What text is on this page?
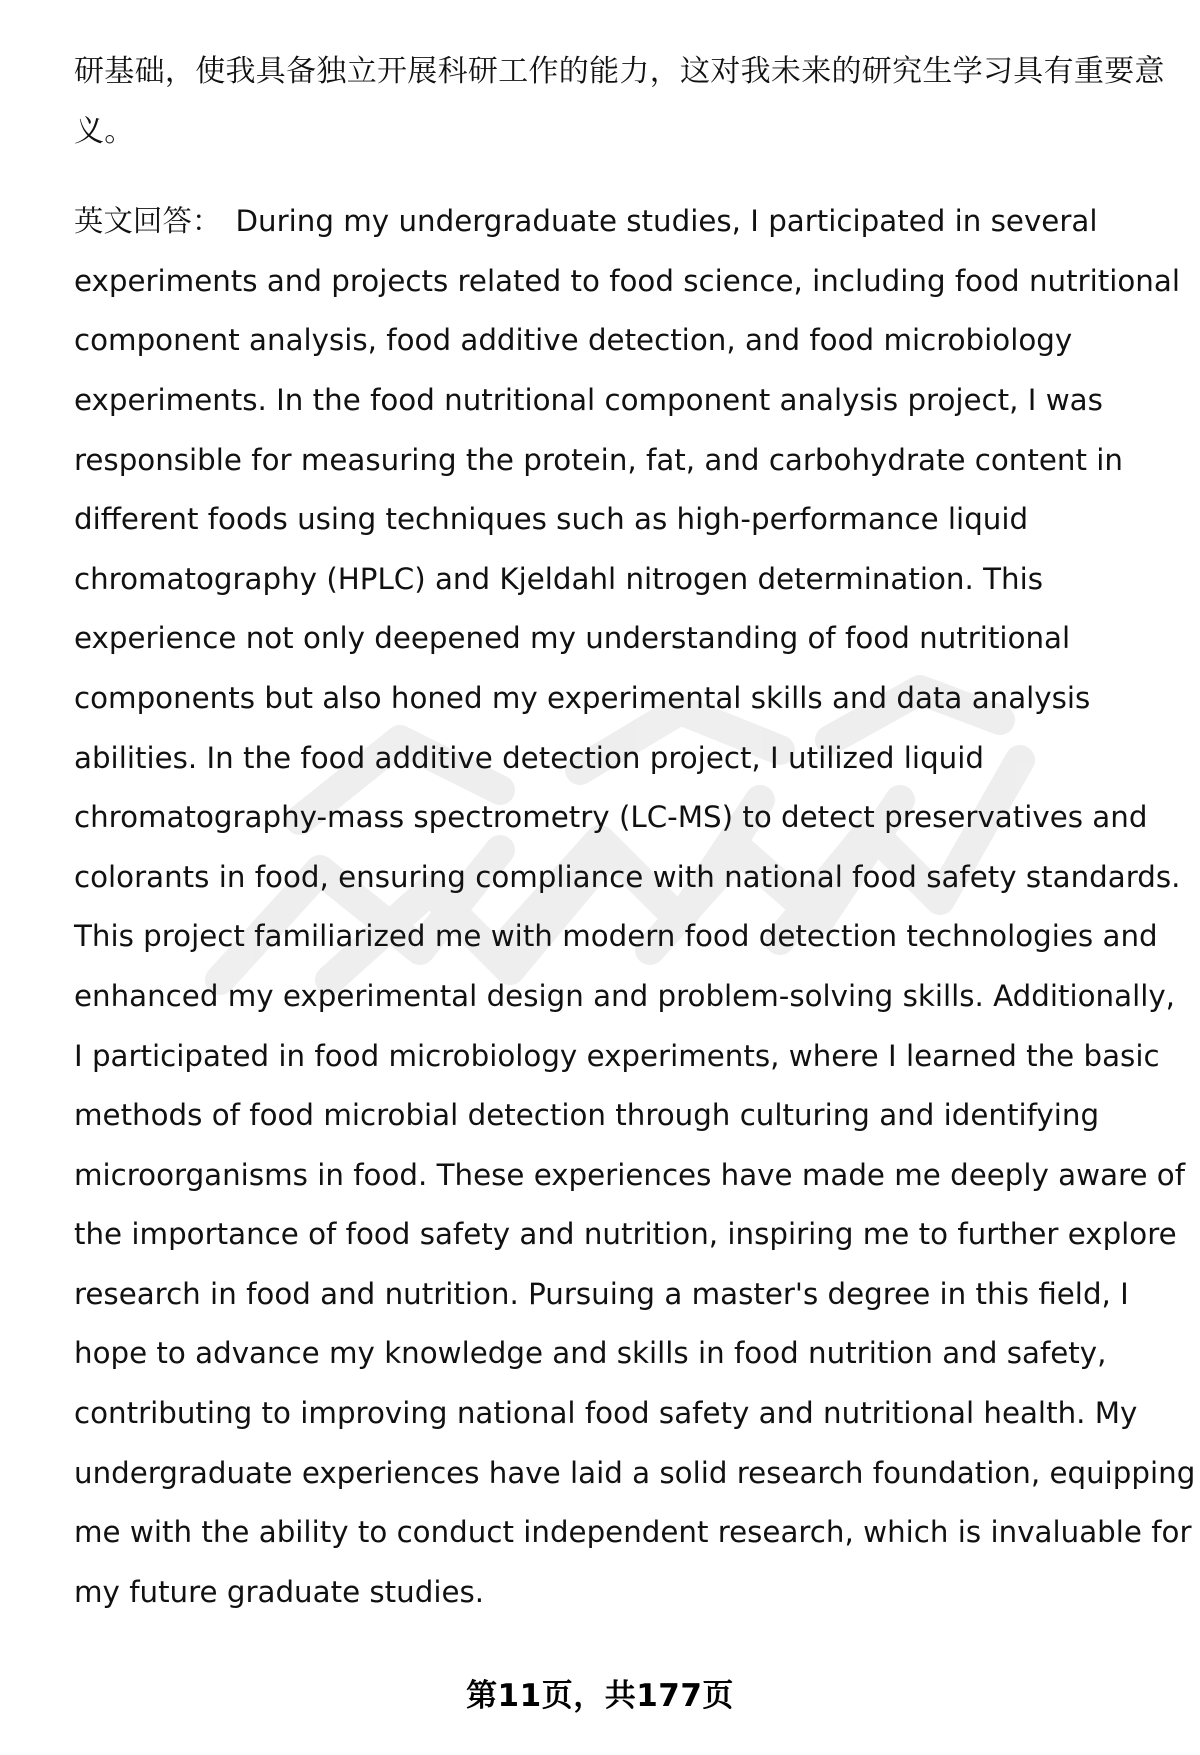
研基础，使我具备独立开展科研工作的能力，这对我未来的研究生学习具有重要意
义。
英文回答： During my undergraduate studies, I participated in several
experiments and projects related to food science, including food nutritional
component analysis, food additive detection, and food microbiology
experiments. In the food nutritional component analysis project, I was
responsible for measuring the protein, fat, and carbohydrate content in
different foods using techniques such as high-performance liquid
chromatography (HPLC) and Kjeldahl nitrogen determination. This
experience not only deepened my understanding of food nutritional
components but also honed my experimental skills and data analysis
abilities. In the food additive detection project, I utilized liquid
chromatography-mass spectrometry (LC-MS) to detect preservatives and
colorants in food, ensuring compliance with national food safety standards.
This project familiarized me with modern food detection technologies and
enhanced my experimental design and problem-solving skills. Additionally,
I participated in food microbiology experiments, where I learned the basic
methods of food microbial detection through culturing and identifying
microorganisms in food. These experiences have made me deeply aware of
the importance of food safety and nutrition, inspiring me to further explore
research in food and nutrition. Pursuing a master's degree in this field, I
hope to advance my knowledge and skills in food nutrition and safety,
contributing to improving national food safety and nutritional health. My
undergraduate experiences have laid a solid research foundation, equipping
me with the ability to conduct independent research, which is invaluable for
my future graduate studies.
第11页，共177页
